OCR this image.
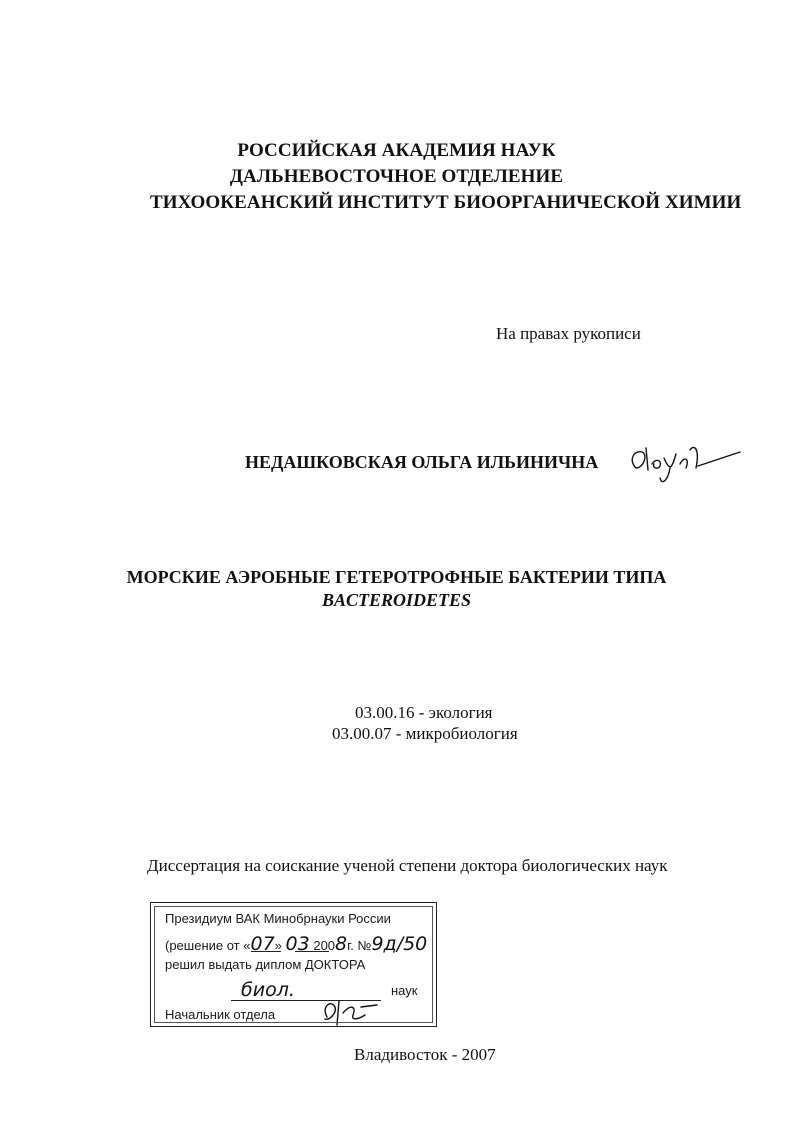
РОССИЙСКАЯ АКАДЕМИЯ НАУК
ДАЛЬНЕВОСТОЧНОЕ ОТДЕЛЕНИЕ
ТИХООКЕАНСКИЙ ИНСТИТУТ БИООРГАНИЧЕСКОЙ ХИМИИ
На правах рукописи
НЕДАШКОВСКАЯ ОЛЬГА ИЛЬИНИЧНА
МОРСКИЕ АЭРОБНЫЕ ГЕТЕРОТРОФНЫЕ БАКТЕРИИ ТИПА
BACTEROIDETES
03.00.16 - экология
03.00.07 - микробиология
Диссертация на соискание ученой степени доктора биологических наук
Президиум ВАК Минобрнауки России
(решение от «07» 03 2008г. №9д/50
решил выдать диплом ДОКТОРА
биол.	наук
Начальник отдела
Владивосток - 2007
